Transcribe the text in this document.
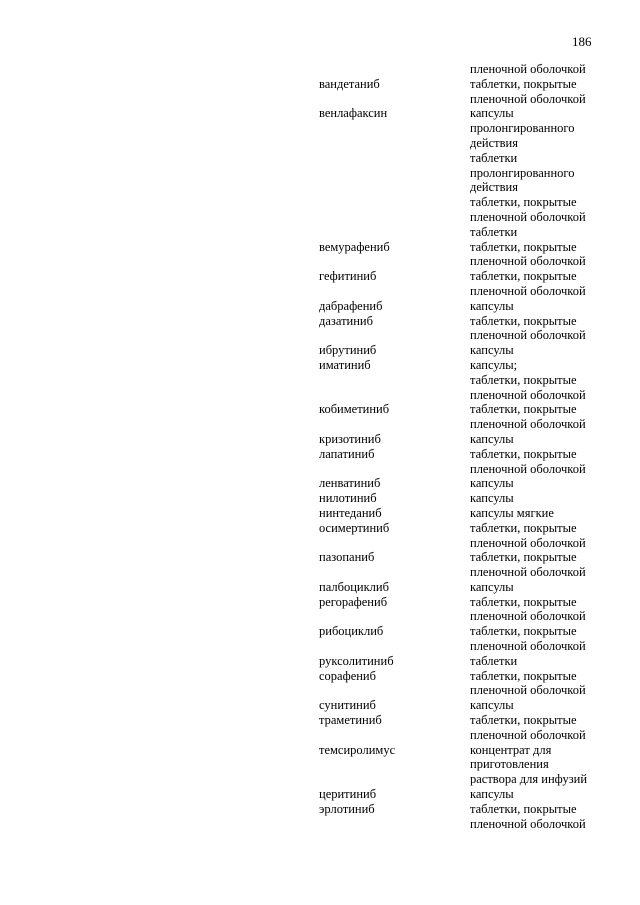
186
пленочной оболочкой
вандетаниб	таблетки, покрытые
пленочной оболочкой
венлафаксин	капсулы
пролонгированного
действия
таблетки
пролонгированного
действия
таблетки, покрытые
пленочной оболочкой
таблетки
вемурафениб	таблетки, покрытые
пленочной оболочкой
гефитиниб	таблетки, покрытые
пленочной оболочкой
дабрафениб	капсулы
дазатиниб	таблетки, покрытые
пленочной оболочкой
ибрутиниб	капсулы
иматиниб	капсулы;
таблетки, покрытые
пленочной оболочкой
кобиметиниб	таблетки, покрытые
пленочной оболочкой
кризотиниб	капсулы
лапатиниб	таблетки, покрытые
пленочной оболочкой
ленватиниб	капсулы
нилотиниб	капсулы
нинтеданиб	капсулы мягкие
осимертиниб	таблетки, покрытые
пленочной оболочкой
пазопаниб	таблетки, покрытые
пленочной оболочкой
палбоциклиб	капсулы
регорафениб	таблетки, покрытые
пленочной оболочкой
рибоциклиб	таблетки, покрытые
пленочной оболочкой
руксолитиниб	таблетки
сорафениб	таблетки, покрытые
пленочной оболочкой
сунитиниб	капсулы
траметиниб	таблетки, покрытые
пленочной оболочкой
темсиролимус	концентрат для
приготовления
раствора для инфузий
церитиниб	капсулы
эрлотиниб	таблетки, покрытые
пленочной оболочкой
